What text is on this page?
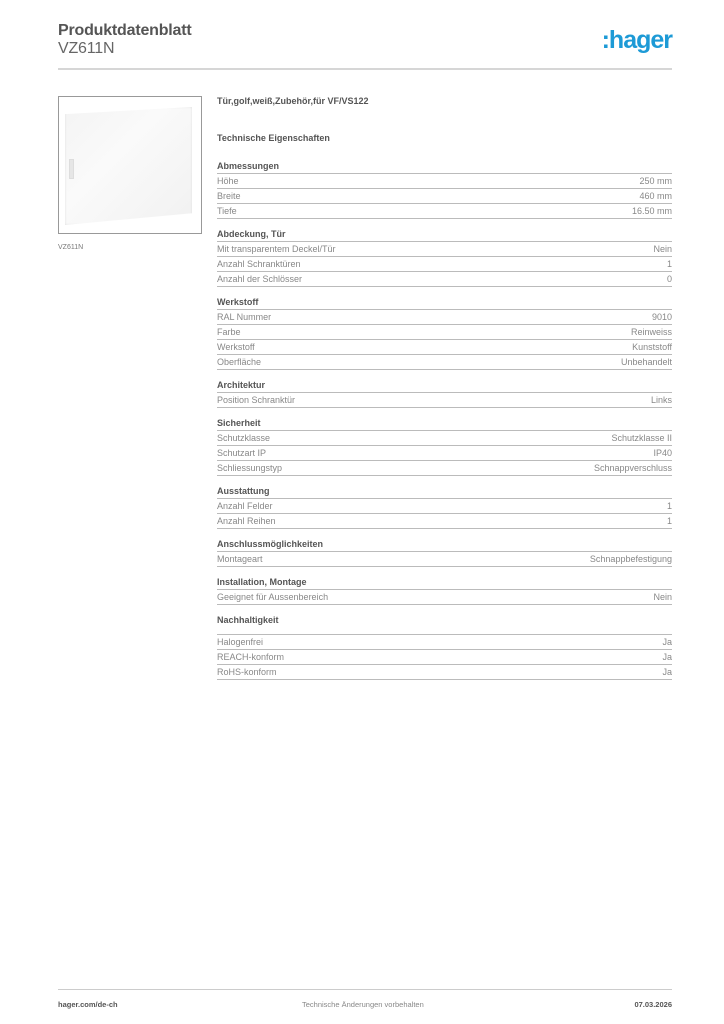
Produktdatenblatt
VZ611N	:hager
VZ611N
Tür,golf,weiß,Zubehör,für VF/VS122
Technische Eigenschaften
Abmessungen
Höhe	250 mm
Breite	460 mm
Tiefe	16.50 mm
Abdeckung, Tür
Mit transparentem Deckel/Tür	Nein
Anzahl Schranktüren	1
Anzahl der Schlösser	0
Werkstoff
RAL Nummer	9010
Farbe	Reinweiss
Werkstoff	Kunststoff
Oberfläche	Unbehandelt
Architektur
Position Schranktür	Links
Sicherheit
Schutzklasse	Schutzklasse II
Schutzart IP	IP40
Schliessungstyp	Schnappverschluss
Ausstattung
Anzahl Felder	1
Anzahl Reihen	1
Anschlussmöglichkeiten
Montageart	Schnappbefestigung
Installation, Montage
Geeignet für Aussenbereich	Nein
Nachhaltigkeit
Halogenfrei	Ja
REACH-konform	Ja
RoHS-konform	Ja
hager.com/de-ch	Technische Änderungen vorbehalten	07.03.2026
